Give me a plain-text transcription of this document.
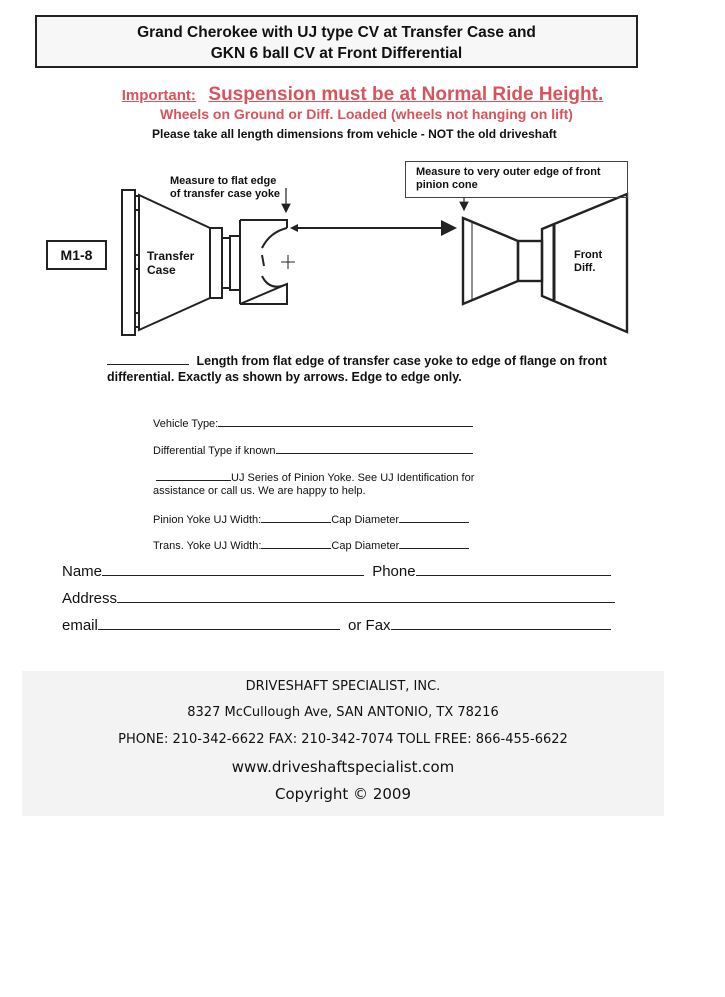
Grand Cherokee with UJ type CV at Transfer Case and
GKN 6 ball CV at Front Differential
Important: Suspension must be at Normal Ride Height.
Wheels on Ground or Diff. Loaded (wheels not hanging on lift)
Please take all length dimensions from vehicle - NOT the old driveshaft
Measure to flat edge
of transfer case yoke
M1-8	Transfer
Case
Measure to very outer edge of front
pinion cone
Front
Diff.
Length from flat edge of transfer case yoke to edge of flange on front
differential. Exactly as shown by arrows. Edge to edge only.
Vehicle Type:
Differential Type if known
UJ Series of Pinion Yoke. See UJ Identification for
assistance or call us. We are happy to help.
Pinion Yoke UJ Width:	Cap Diameter
Trans. Yoke UJ Width:	Cap Diameter
Name	Phone
Address
email	or Fax
DRIVESHAFT SPECIALIST, INC.
8327 McCullough Ave, SAN ANTONIO, TX 78216
PHONE: 210-342-6622 FAX: 210-342-7074 TOLL FREE: 866-455-6622
www.driveshaftspecialist.com
Copyright © 2009
